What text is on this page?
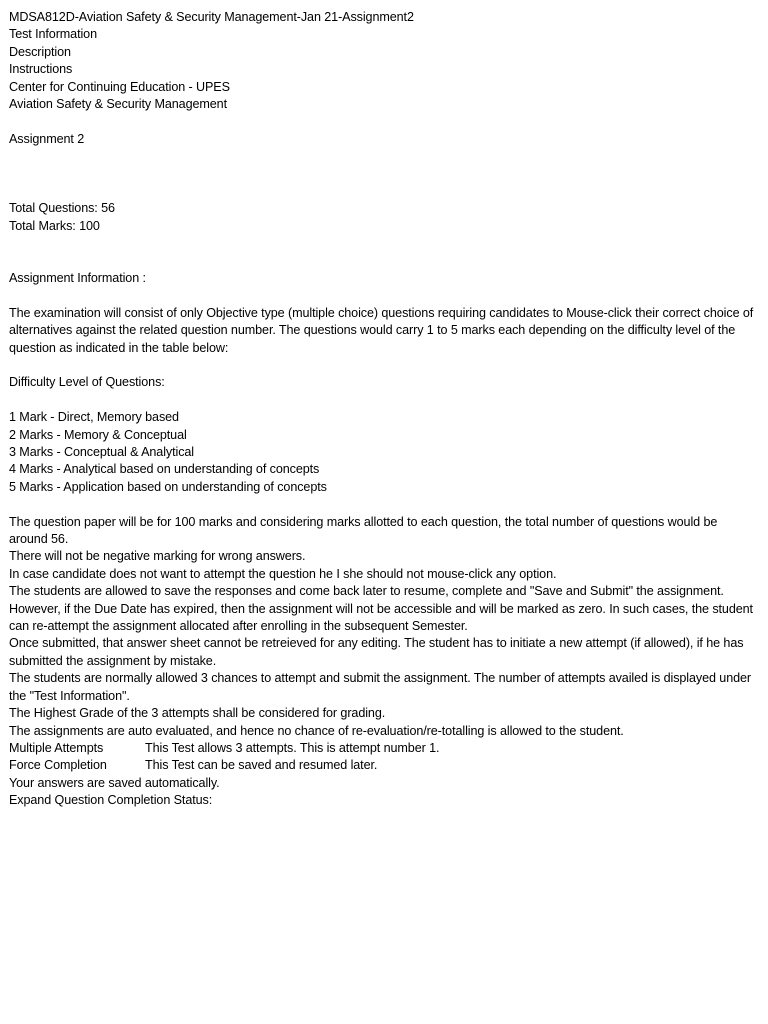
MDSA812D-Aviation Safety & Security Management-Jan 21-Assignment2
Test Information
Description
Instructions
Center for Continuing Education - UPES
Aviation Safety & Security Management
Assignment 2
Total Questions: 56
Total Marks: 100
Assignment Information :
The examination will consist of only Objective type (multiple choice) questions requiring candidates to Mouse-click their correct choice of alternatives against the related question number. The questions would carry 1 to 5 marks each depending on the difficulty level of the question as indicated in the table below:
Difficulty Level of Questions:
1 Mark - Direct, Memory based
2 Marks - Memory & Conceptual
3 Marks - Conceptual & Analytical
4 Marks - Analytical based on understanding of concepts
5 Marks - Application based on understanding of concepts
The question paper will be for 100 marks and considering marks allotted to each question, the total number of questions would be around 56.
There will not be negative marking for wrong answers.
In case candidate does not want to attempt the question he I she should not mouse-click any option.
The students are allowed to save the responses and come back later to resume, complete and "Save and Submit" the assignment. However, if the Due Date has expired, then the assignment will not be accessible and will be marked as zero. In such cases, the student can re-attempt the assignment allocated after enrolling in the subsequent Semester.
Once submitted, that answer sheet cannot be retreieved for any editing. The student has to initiate a new attempt (if allowed), if he has submitted the assignment by mistake.
The students are normally allowed 3 chances to attempt and submit the assignment. The number of attempts availed is displayed under the "Test Information".
The Highest Grade of the 3 attempts shall be considered for grading.
The assignments are auto evaluated, and hence no chance of re-evaluation/re-totalling is allowed to the student.
Multiple Attempts	This Test allows 3 attempts. This is attempt number 1.
Force Completion	This Test can be saved and resumed later.
Your answers are saved automatically.
Expand Question Completion Status:
